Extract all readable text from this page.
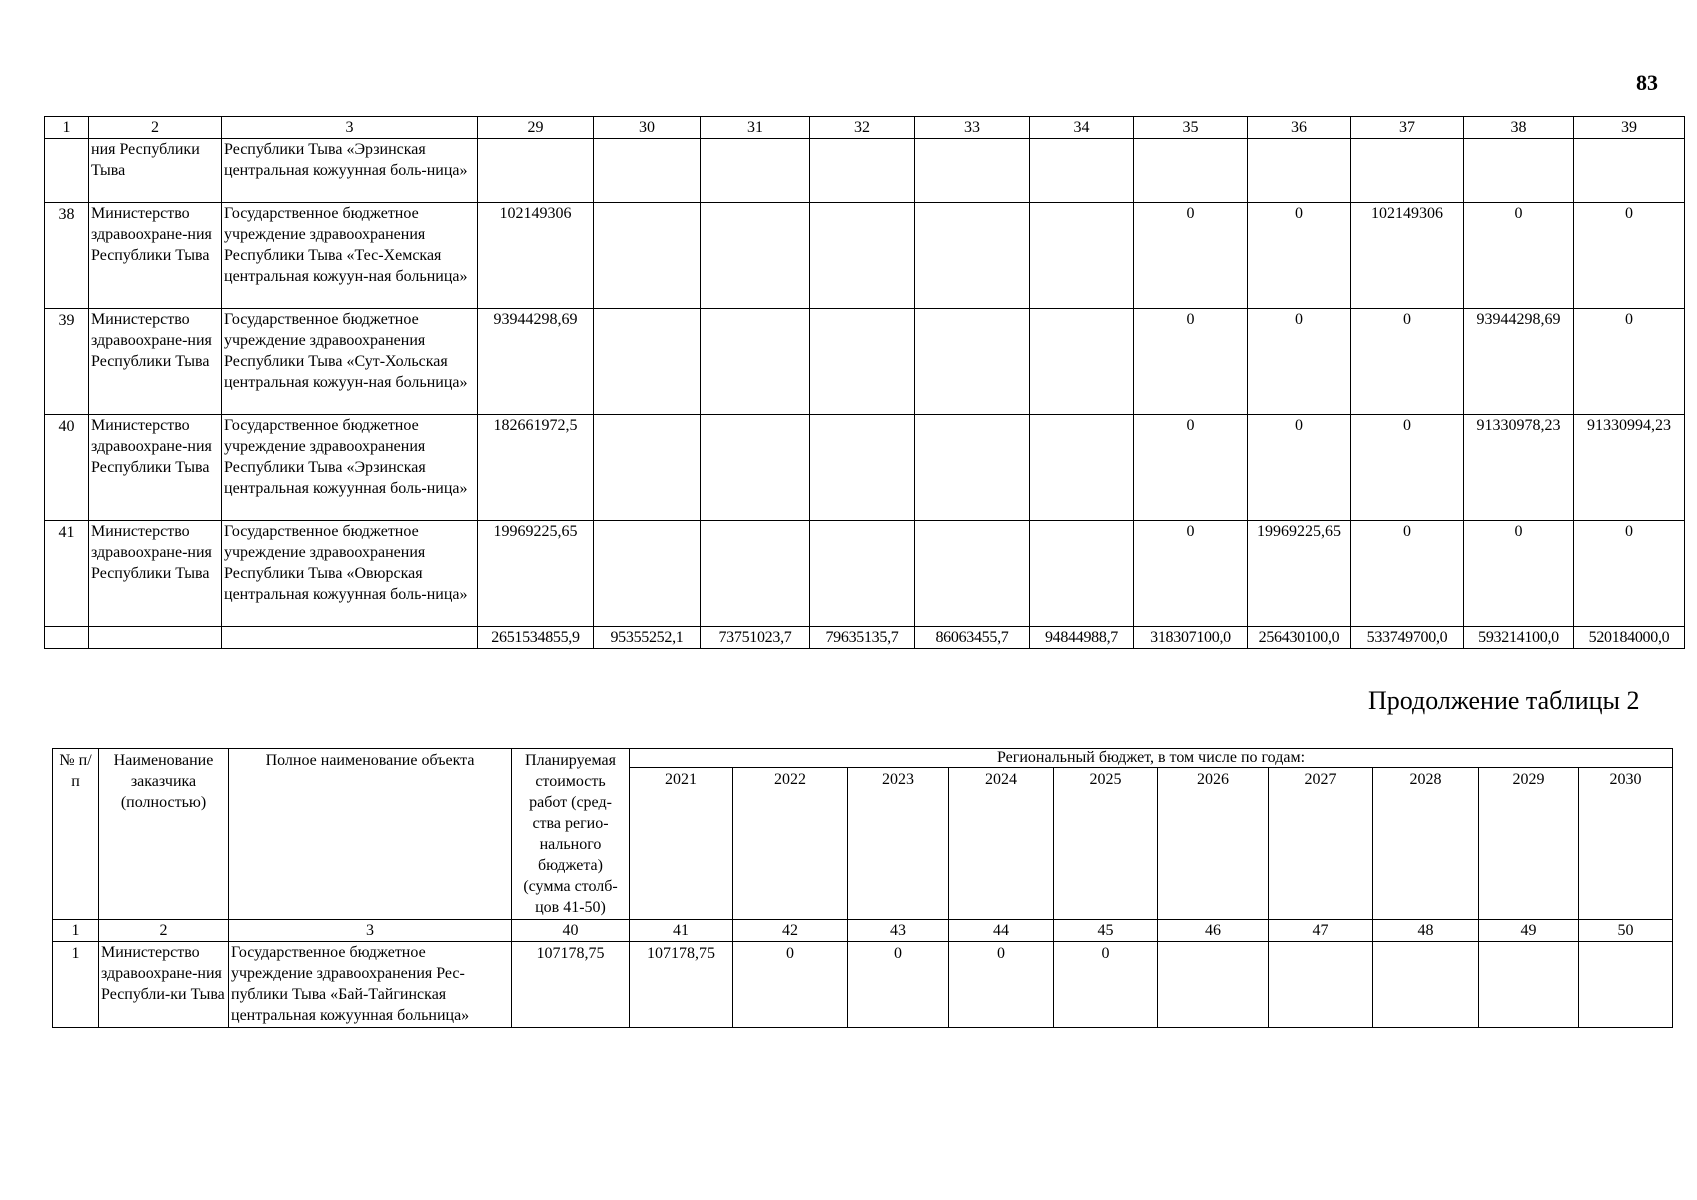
83
1	2	3	29	30	31	32	33	34	35	36	37	38	39
	ния Республики Тыва	Республики Тыва «Эрзинская центральная кожуунная боль-ница»											
38	Министерство здравоохране-ния Республики Тыва	Государственное бюджетное учреждение здравоохранения Республики Тыва «Тес-Хемская центральная кожуун-ная больница»	102149306						0	0	102149306	0	0
39	Министерство здравоохране-ния Республики Тыва	Государственное бюджетное учреждение здравоохранения Республики Тыва «Сут-Хольская центральная кожуун-ная больница»	93944298,69						0	0	0	93944298,69	0
40	Министерство здравоохране-ния Республики Тыва	Государственное бюджетное учреждение здравоохранения Республики Тыва «Эрзинская центральная кожуунная боль-ница»	182661972,5						0	0	0	91330978,23	91330994,23
41	Министерство здравоохране-ния Республики Тыва	Государственное бюджетное учреждение здравоохранения Республики Тыва «Овюрская центральная кожуунная боль-ница»	19969225,65						0	19969225,65	0	0	0
			2651534855,9	95355252,1	73751023,7	79635135,7	86063455,7	94844988,7	318307100,0	256430100,0	533749700,0	593214100,0	520184000,0
Продолжение таблицы 2
№ п/п	Наименование заказчика (полностью)	Полное наименование объекта	Планируемая стоимость работ (сред-ства регио-нального бюджета) (сумма столб-цов 41-50)	Региональный бюджет, в том числе по годам:									
				2021	2022	2023	2024	2025	2026	2027	2028	2029	2030
1	2	3	40	41	42	43	44	45	46	47	48	49	50
1	Министерство здравоохране-ния Республи-ки Тыва	Государственное бюджетное учреждение здравоохранения Рес-публики Тыва «Бай-Тайгинская центральная кожуунная больница»	107178,75	107178,75	0	0	0	0					
